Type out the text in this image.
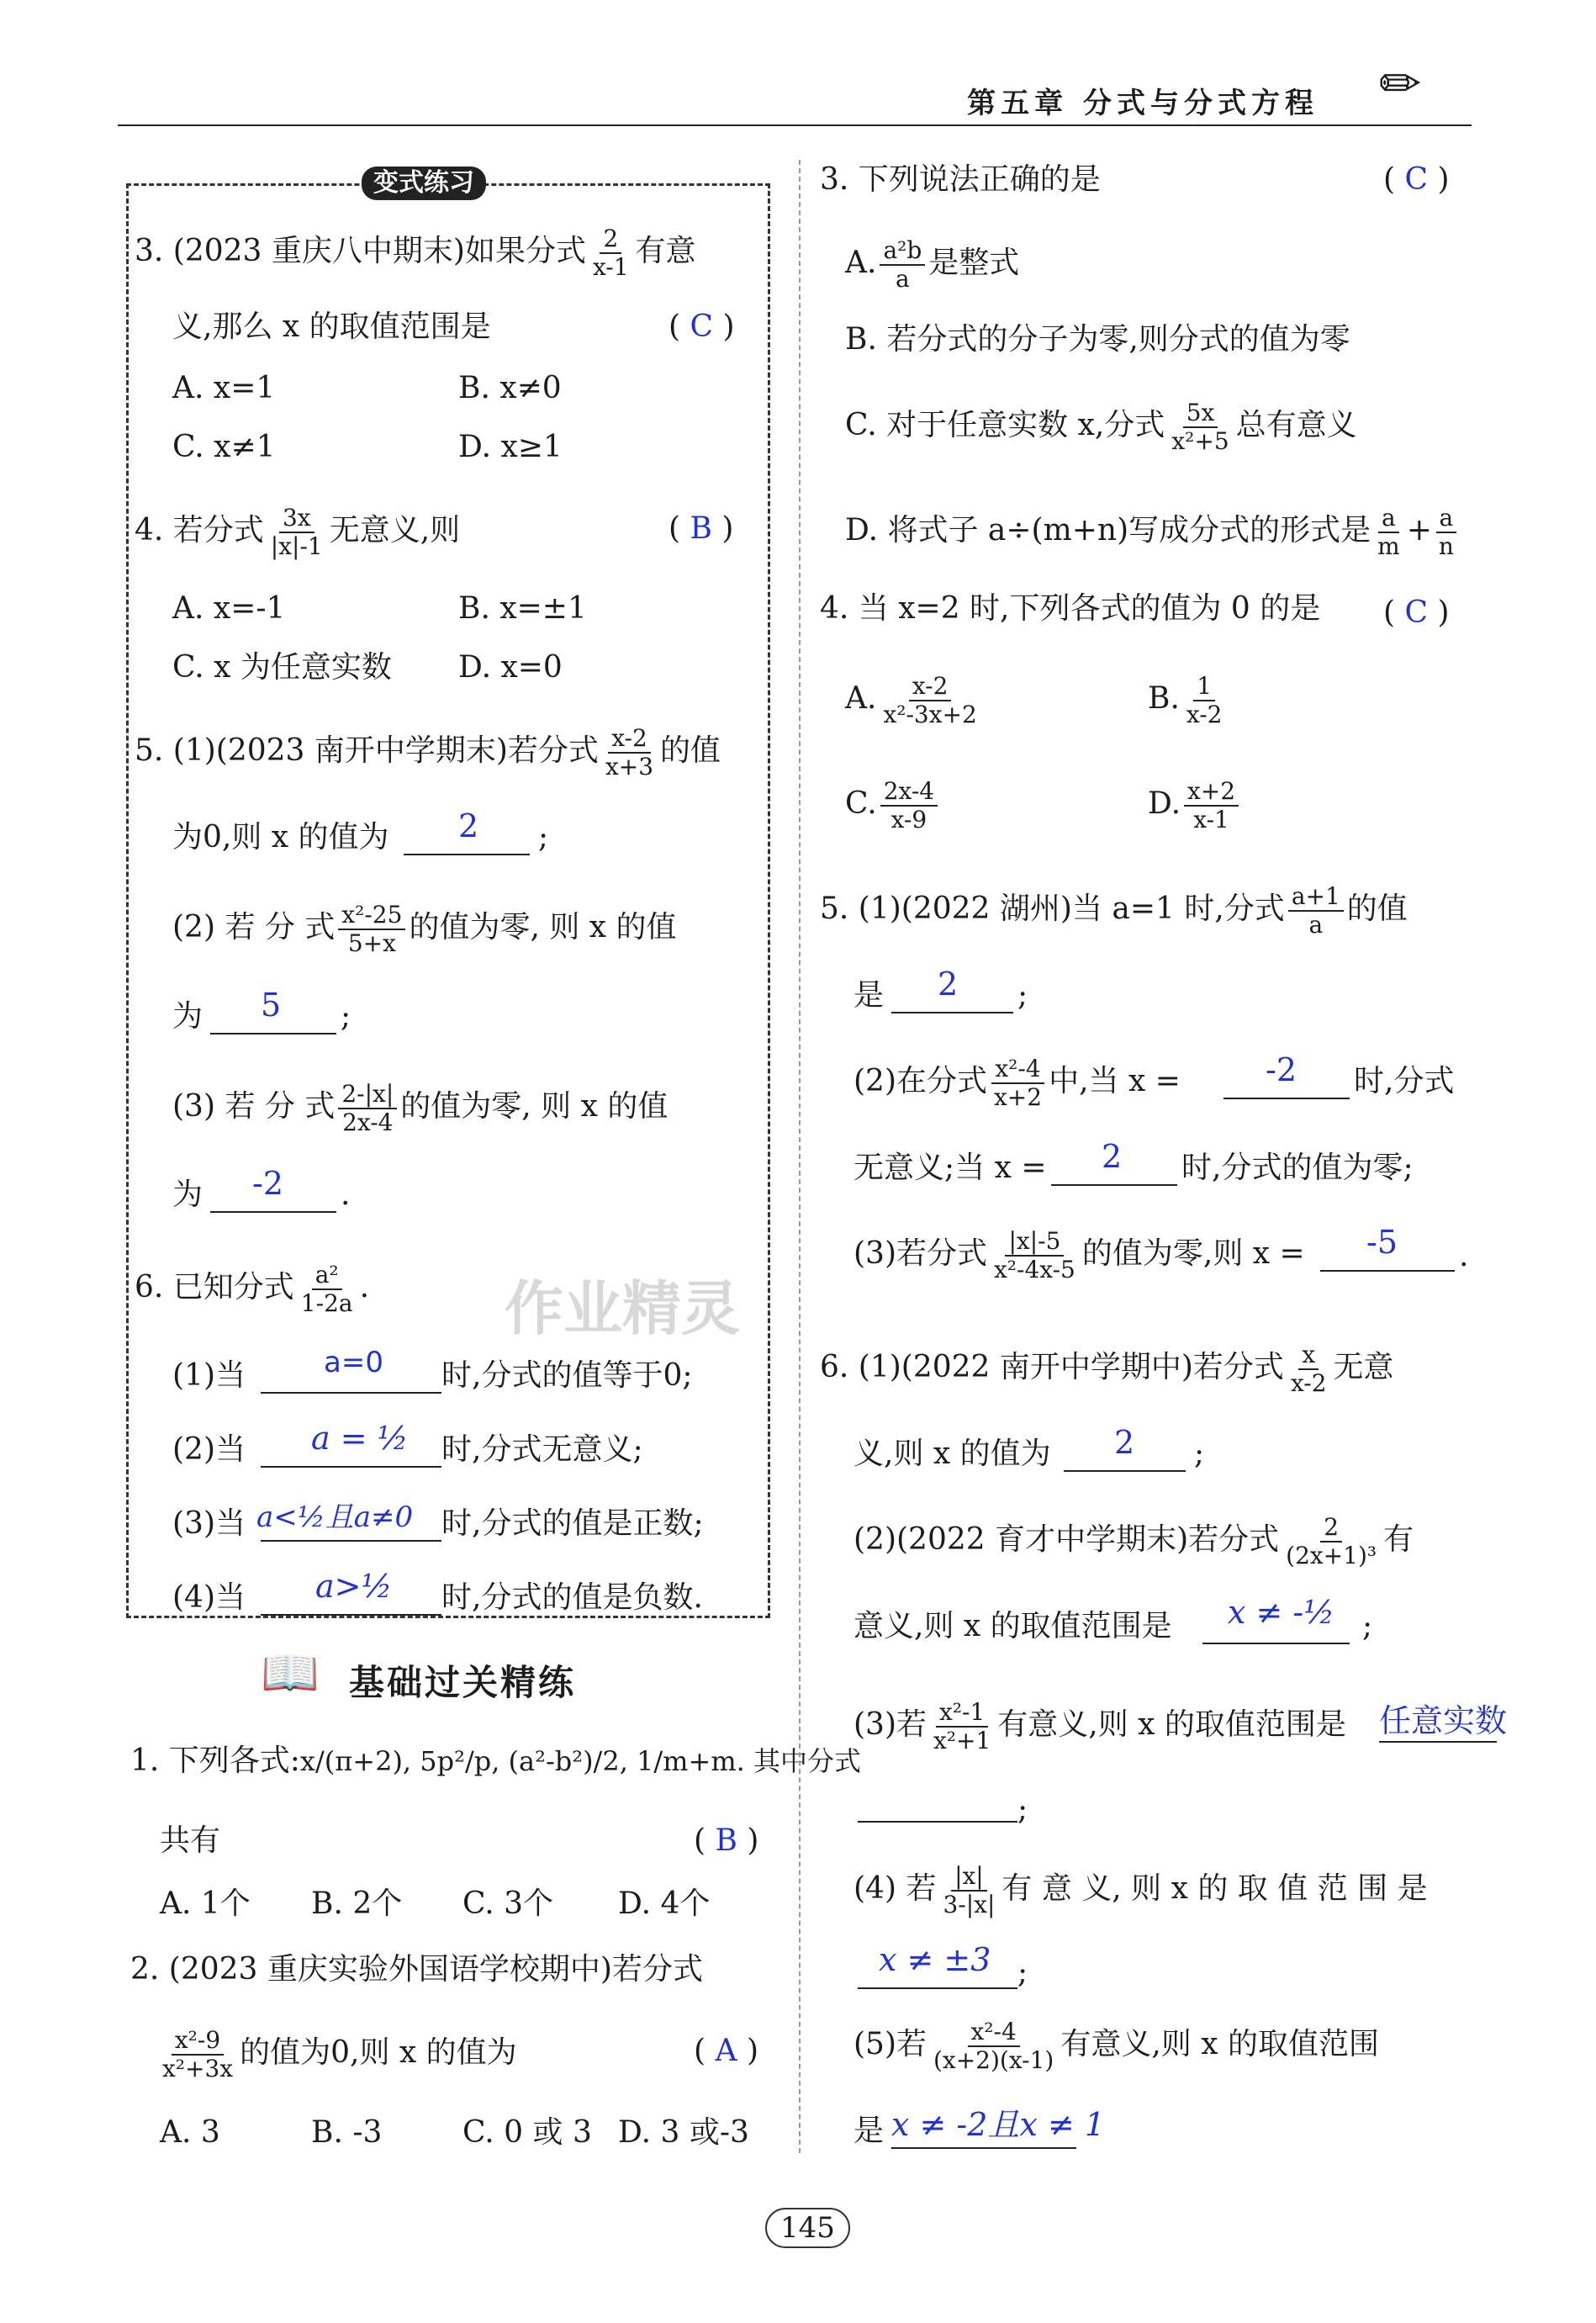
第五章 分式与分式方程 ✏
变式练习
3. (2023 重庆八中期末)如果分式 $\frac{2}{x-1}$ 有意
义,那么 x 的取值范围是	( C )
A. x=1	B. x≠0
C. x≠1	D. x≥1
4. 若分式 $\frac{3x}{|x|-1}$ 无意义,则	( B )
A. x=-1	B. x=±1
C. x 为任意实数 D. x=0
5. (1)(2023 南开中学期末)若分式 $\frac{x-2}{x+3}$ 的值
为0,则 x 的值为 2 ;
(2) 若 分 式 $\frac{\text{x²-25}}{5+x}$ 的值为零, 则 x 的值
为 5 ;
(3) 若 分 式 $\frac{2-|x|}{2x-4}$ 的值为零, 则 x 的值
为 -2 .
6. 已知分式 $\frac{\text{a²}}{1-2a}$ . 作业精灵
(1)当	a=0 时,分式的值等于0;
(2)当 a = ½ 时,分式无意义;
(3)当 a<½且a≠0 时,分式的值是正数;
(4)当 a>½ 时,分式的值是负数.
📖 基础过关精练
1. 下列各式:x/(π+2), 5p²/p, (a²-b²)/2, 1/m+m. 其中分式
共有	( B )
A. 1个 B. 2个 C. 3个 D. 4个
2. (2023 重庆实验外国语学校期中)若分式
$\frac{\text{x²-9}}{\text{x²+3x}}$ 的值为0,则 x 的值为	( A )
A. 3	B. -3	C. 0 或 3 D. 3 或-3
3. 下列说法正确的是	( C )
A. $\frac{\text{a²b}}{a}$ 是整式
B. 若分式的分子为零,则分式的值为零
C. 对于任意实数 x,分式 $\frac{5x}{\text{x²+5}}$ 总有意义
D. 将式子 a÷(m+n)写成分式的形式是 $\frac{a}{m} + \frac{a}{n}$
4. 当 x=2 时,下列各式的值为 0 的是 ( C )
A. $\frac{x-2}{\text{x²-3x+2}}$	B. $\frac{1}{x-2}$
C. $\frac{2x-4}{x-9}$	D. $\frac{x+2}{x-1}$
5. (1)(2022 湖州)当 a=1 时,分式 $\frac{a+1}{a}$ 的值
是 2 ;
(2)在分式 $\frac{\text{x²-4}}{x+2}$ 中,当 x =	-2 时,分式
无意义;当 x = 2 时,分式的值为零;
(3)若分式 $\frac{|x|-5}{\text{x²-4x-5}}$ 的值为零,则 x = -5 .
6. (1)(2022 南开中学期中)若分式 $\frac{x}{x-2}$ 无意
义,则 x 的值为 2 ;
(2)(2022 育才中学期末)若分式 $\frac{2}{\text{(2x+1)³}}$ 有
意义,则 x 的取值范围是 x ≠ -½ ;
(3)若 $\frac{\text{x²-1}}{\text{x²+1}}$ 有意义,则 x 的取值范围是 任意实数
;
(4) 若 $\frac{|x|}{3-|x|}$ 有 意 义, 则 x 的 取 值 范 围 是
x ≠ ±3 ;
(5)若 $\frac{\text{x²-4}}{(x+2)(x-1)}$ 有意义,则 x 的取值范围
是 x ≠ -2且x ≠ 1
145
